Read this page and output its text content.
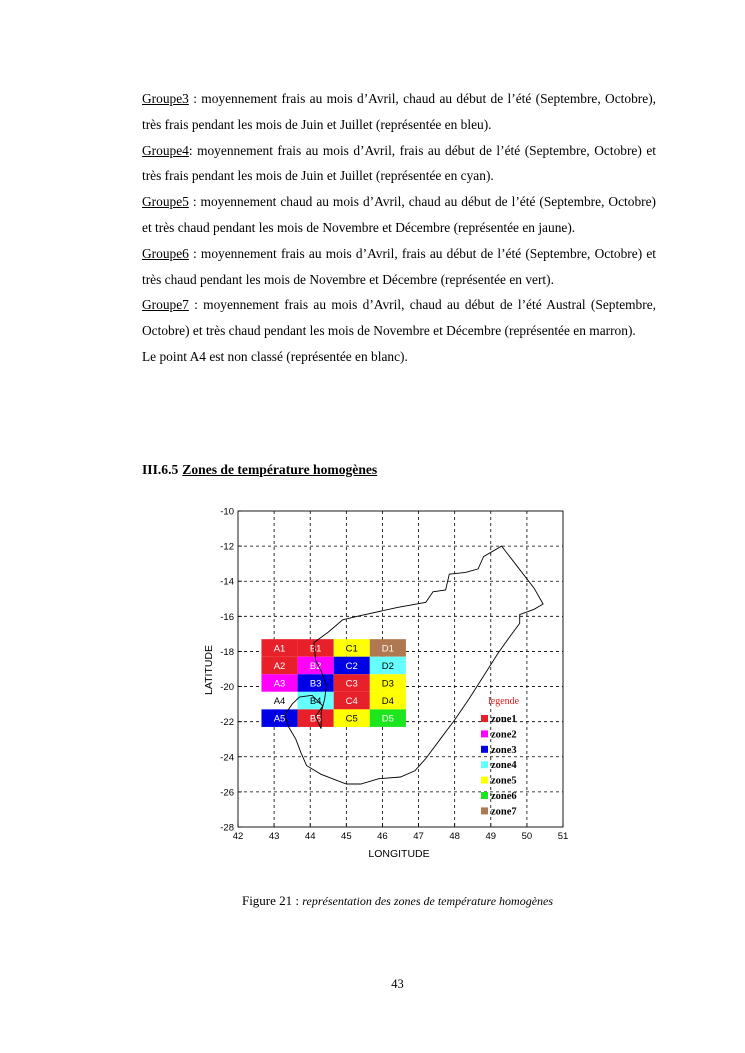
Groupe3 : moyennement frais au mois d’Avril, chaud au début de l’été (Septembre, Octobre), très frais pendant les mois de Juin et Juillet (représentée en bleu).

Groupe4: moyennement frais au mois d’Avril, frais au début de l’été (Septembre, Octobre) et très frais pendant les mois de Juin et Juillet (représentée en cyan).

Groupe5 : moyennement chaud au mois d’Avril, chaud au début de l’été (Septembre, Octobre) et très chaud pendant les mois de Novembre et Décembre (représentée en jaune).

Groupe6 : moyennement frais au mois d’Avril, frais au début de l’été (Septembre, Octobre) et très chaud pendant les mois de Novembre et Décembre (représentée en vert).

Groupe7 : moyennement frais au mois d’Avril, chaud au début de l’été Austral (Septembre, Octobre) et très chaud pendant les mois de Novembre et Décembre (représentée en marron).

Le point A4 est non classé (représentée en blanc).

III.6.5 Zones de température homogènes
A1	B1	C1	D1
A2	B2	C2	D2
A3	B3	C3	D3
A4	B4	C4	D4
A5	B5	C5	D5
42	43	44	45	46	47	48	49	50	51
-10
-12
-14
-16
-18
-20
-22
-24
-26
-28
legende
zone1
zone2
zone3
zone4
zone5
zone6
zone7
LONGITUDE
LATITUDE
Figure 21 : représentation des zones de température homogènes
43
